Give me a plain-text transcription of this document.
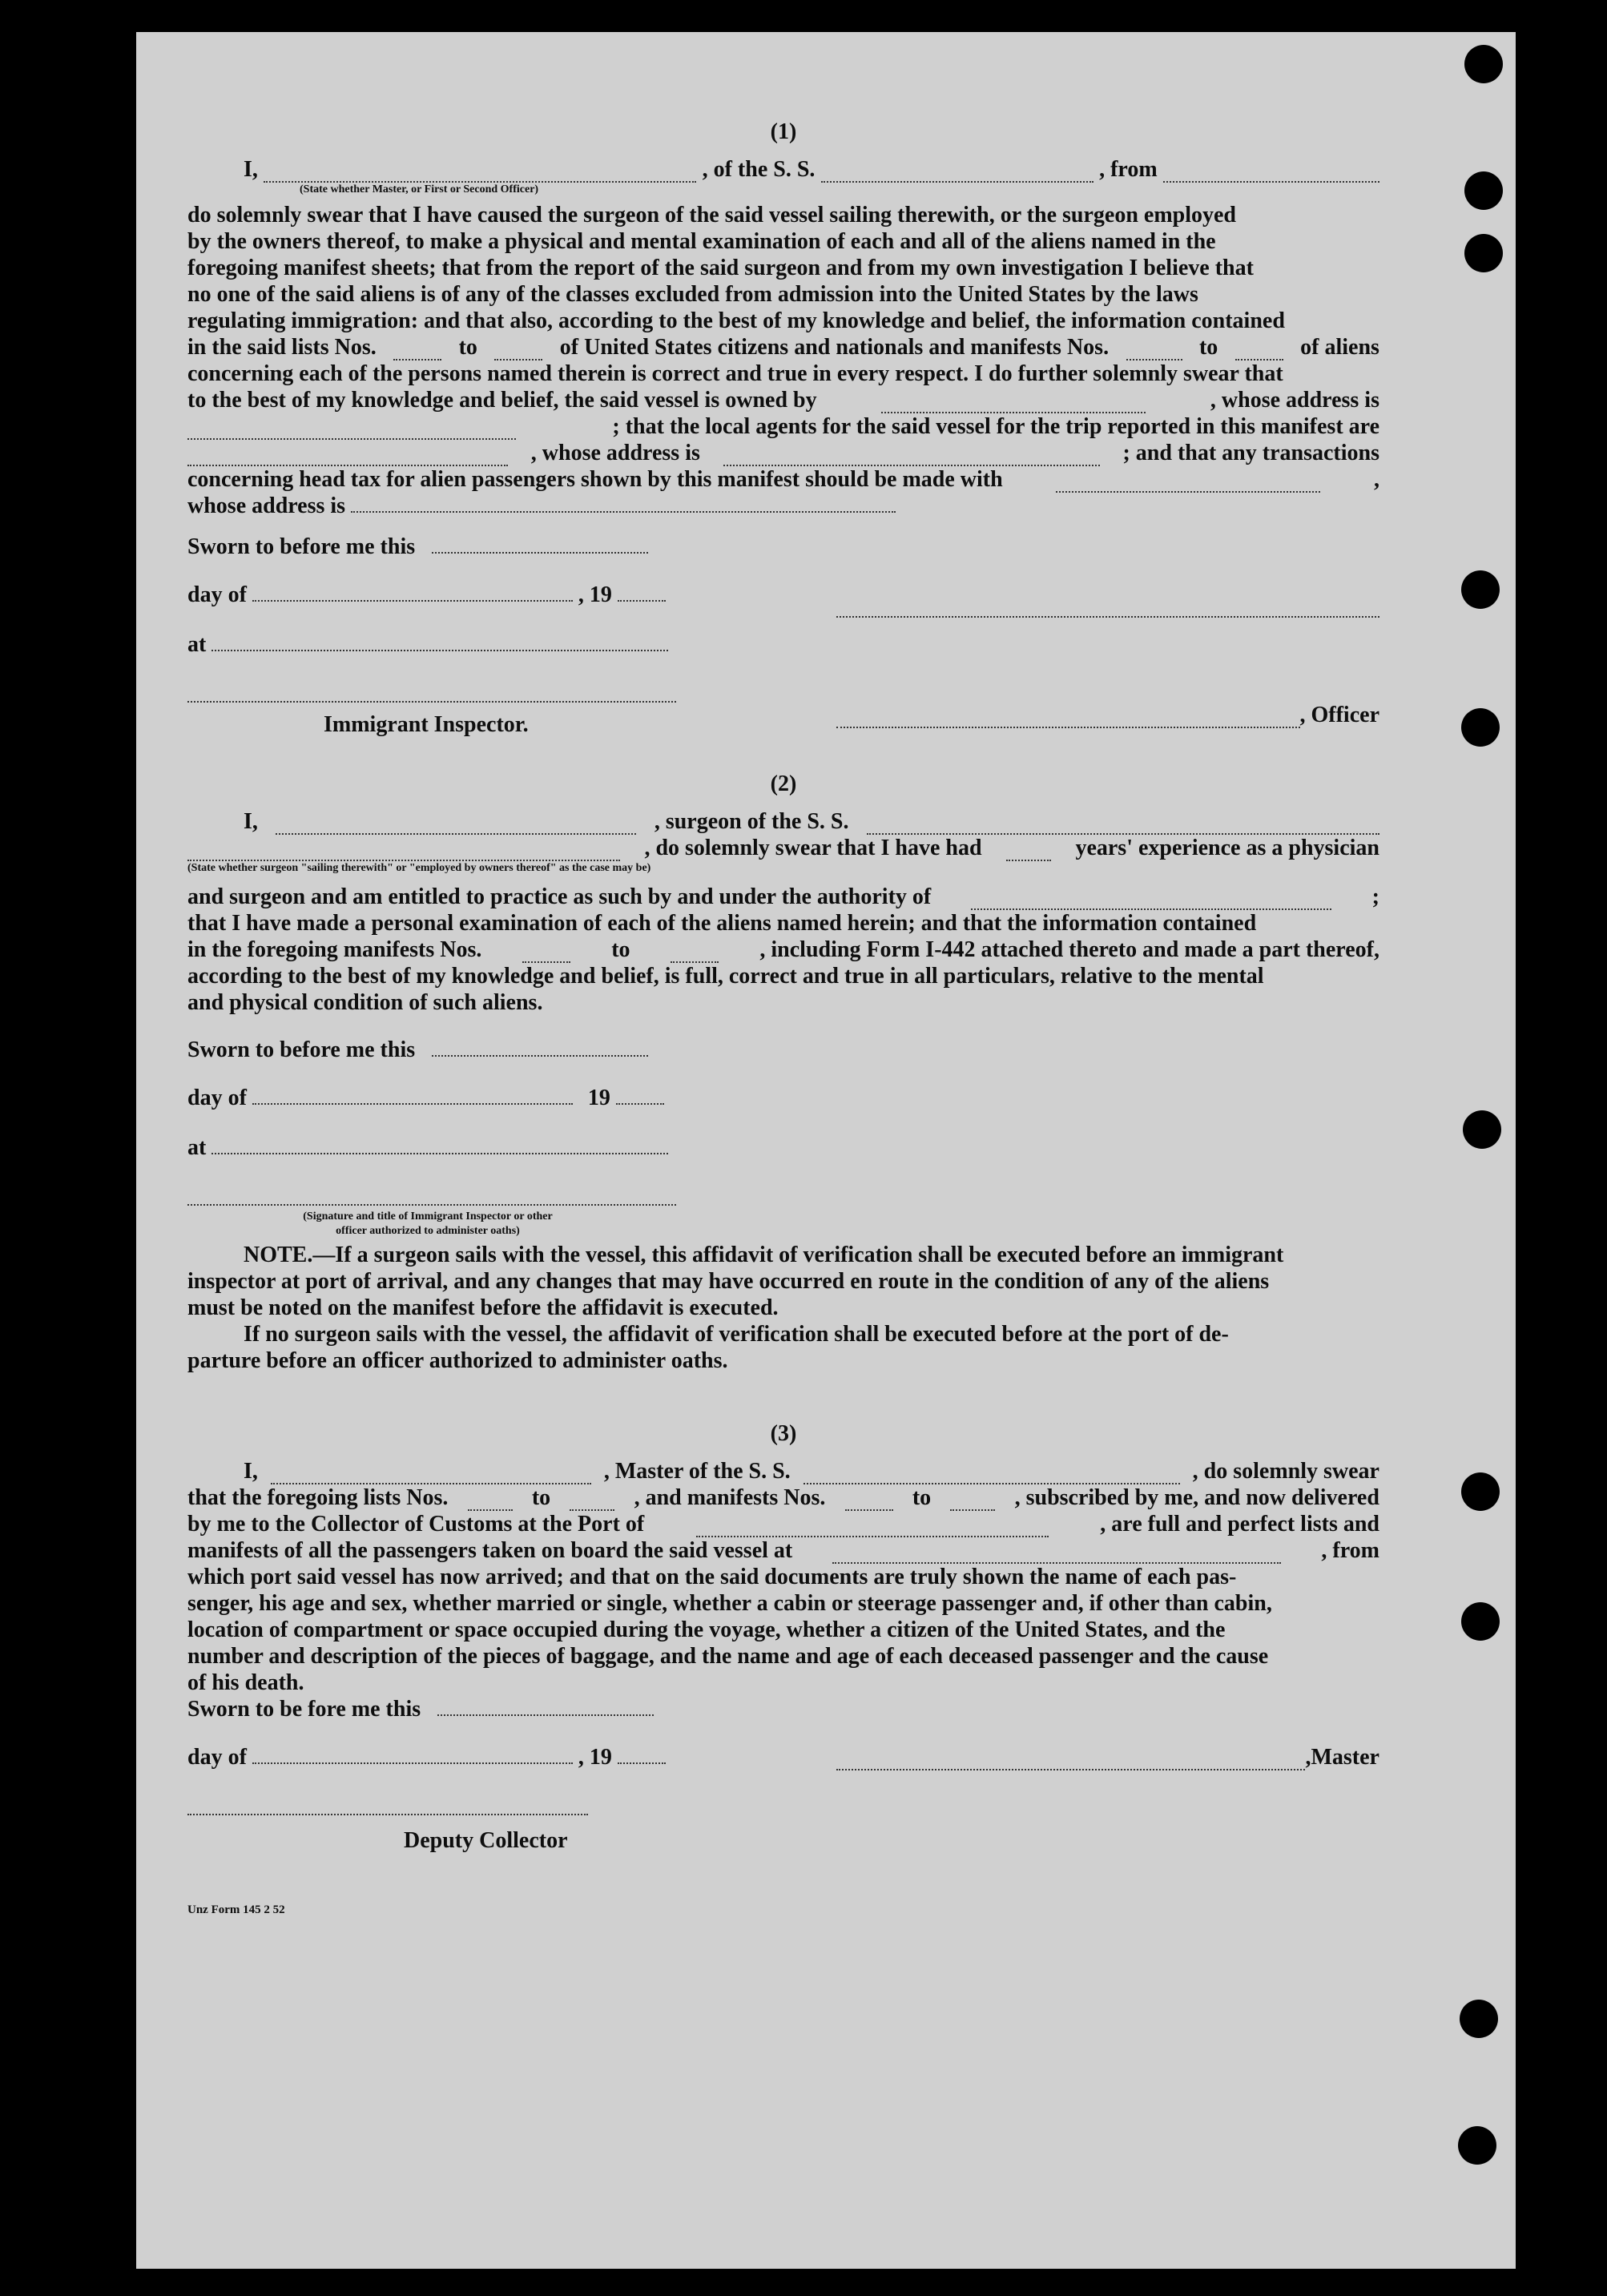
(1)

I,	, of the S. S.	, from

(State whether Master, or First or Second Officer)

do solemnly swear that I have caused the surgeon of the said vessel sailing therewith, or the surgeon employed

by the owners thereof, to make a physical and mental examination of each and all of the aliens named in the

foregoing manifest sheets; that from the report of the said surgeon and from my own investigation I believe that

no one of the said aliens is of any of the classes excluded from admission into the United States by the laws

regulating immigration: and that also, according to the best of my knowledge and belief, the information contained

in the said lists Nos.	to	of United States citizens and nationals and manifests Nos.	to	of aliens

concerning each of the persons named therein is correct and true in every respect. I do further solemnly swear that

to the best of my knowledge and belief, the said vessel is owned by	, whose address is

; that the local agents for the said vessel for the trip reported in this manifest are

, whose address is	; and that any transactions

concerning head tax for alien passengers shown by this manifest should be made with	,

whose address is

Sworn to before me this
day of	, 19
at
Immigrant Inspector.	, Officer

(2)

I,	, surgeon of the S. S.

, do solemnly swear that I have had	years' experience as a physician

(State whether surgeon "sailing therewith" or "employed by owners thereof" as the case may be)

and surgeon and am entitled to practice as such by and under the authority of	;

that I have made a personal examination of each of the aliens named herein; and that the information contained

in the foregoing manifests Nos.	to	, including Form I-442 attached thereto and made a part thereof,

according to the best of my knowledge and belief, is full, correct and true in all particulars, relative to the mental

and physical condition of such aliens.

Sworn to before me this
day of	19
at
(Signature and title of Immigrant Inspector or other
officer authorized to administer oaths)

NOTE.—If a surgeon sails with the vessel, this affidavit of verification shall be executed before an immigrant

inspector at port of arrival, and any changes that may have occurred en route in the condition of any of the aliens

must be noted on the manifest before the affidavit is executed.

If no surgeon sails with the vessel, the affidavit of verification shall be executed before at the port of de-

parture before an officer authorized to administer oaths.

(3)

I,	, Master of the S. S.	, do solemnly swear

that the foregoing lists Nos.	to	, and manifests Nos.	to	, subscribed by me, and now delivered

by me to the Collector of Customs at the Port of	, are full and perfect lists and

manifests of all the passengers taken on board the said vessel at	, from

which port said vessel has now arrived; and that on the said documents are truly shown the name of each pas-

senger, his age and sex, whether married or single, whether a cabin or steerage passenger and, if other than cabin,

location of compartment or space occupied during the voyage, whether a citizen of the United States, and the

number and description of the pieces of baggage, and the name and age of each deceased passenger and the cause

of his death.

Sworn to be fore me this
day of	, 19	,Master
Deputy Collector
Unz Form 145 2 52
